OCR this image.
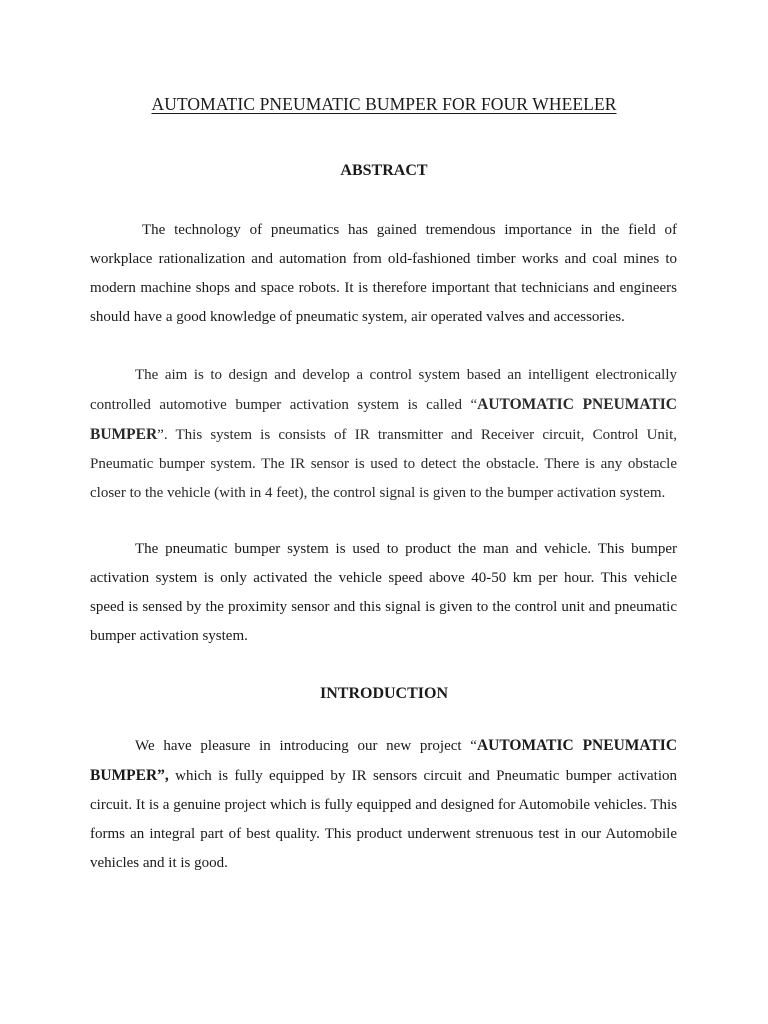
AUTOMATIC PNEUMATIC BUMPER FOR FOUR WHEELER
ABSTRACT

The technology of pneumatics has gained tremendous importance in the field of workplace rationalization and automation from old-fashioned timber works and coal mines to modern machine shops and space robots. It is therefore important that technicians and engineers should have a good knowledge of pneumatic system, air operated valves and accessories.

The aim is to design and develop a control system based an intelligent electronically controlled automotive bumper activation system is called “AUTOMATIC PNEUMATIC BUMPER”. This system is consists of IR transmitter and Receiver circuit, Control Unit, Pneumatic bumper system. The IR sensor is used to detect the obstacle. There is any obstacle closer to the vehicle (with in 4 feet), the control signal is given to the bumper activation system.

The pneumatic bumper system is used to product the man and vehicle. This bumper activation system is only activated the vehicle speed above 40-50 km per hour. This vehicle speed is sensed by the proximity sensor and this signal is given to the control unit and pneumatic bumper activation system.

INTRODUCTION

We have pleasure in introducing our new project “AUTOMATIC PNEUMATIC BUMPER”, which is fully equipped by IR sensors circuit and Pneumatic bumper activation circuit. It is a genuine project which is fully equipped and designed for Automobile vehicles. This forms an integral part of best quality. This product underwent strenuous test in our Automobile vehicles and it is good.
